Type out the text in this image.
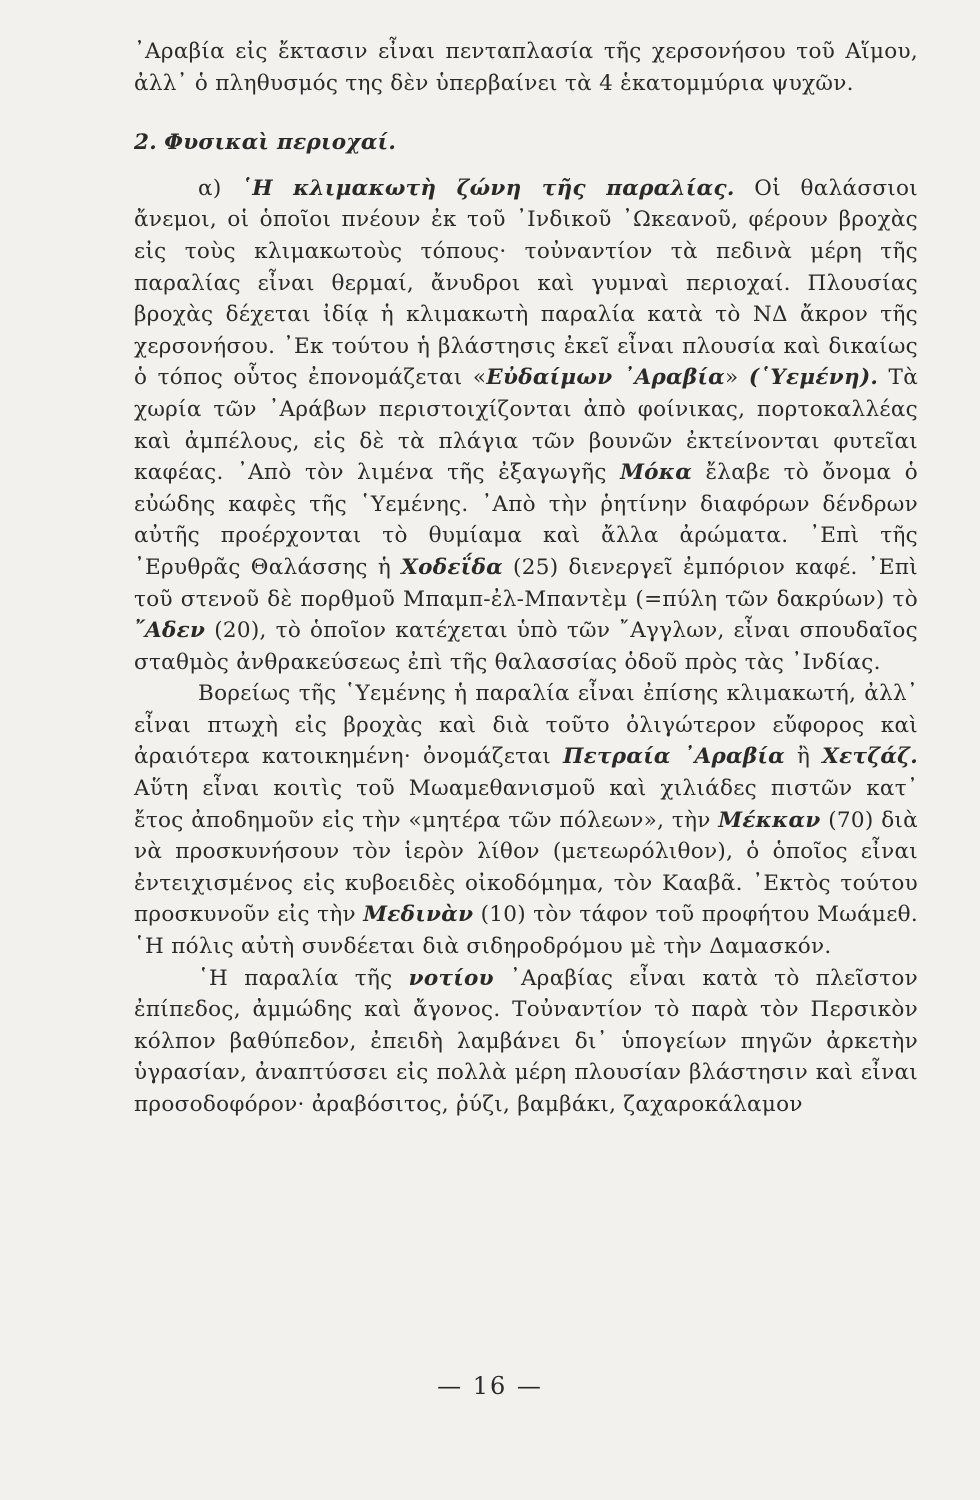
᾿Αραβία εἰς ἔκτασιν εἶναι πενταπλασία τῆς χερσονήσου τοῦ Αἵμου, ἀλλ᾿ ὁ πληθυσμός της δὲν ὑπερβαίνει τὰ 4 ἑκατομμύρια ψυχῶν.

2. Φυσικαὶ περιοχαί.

α) ῾Η κλιμακωτὴ ζώνη τῆς παραλίας. Οἱ θαλάσσιοι ἄνεμοι, οἱ ὁποῖοι πνέουν ἐκ τοῦ ᾿Ινδικοῦ ᾿Ωκεανοῦ, φέρουν βροχὰς εἰς τοὺς κλιμακωτοὺς τόπους· τοὐναντίον τὰ πεδινὰ μέρη τῆς παραλίας εἶναι θερμαί, ἄνυδροι καὶ γυμναὶ περιοχαί. Πλουσίας βροχὰς δέχεται ἰδίᾳ ἡ κλιμακωτὴ παραλία κατὰ τὸ ΝΔ ἄκρον τῆς χερσονήσου. ᾿Εκ τούτου ἡ βλάστησις ἐκεῖ εἶναι πλουσία καὶ δικαίως ὁ τόπος οὗτος ἐπονομάζεται «Εὐδαίμων ᾿Αραβία» (῾Υεμένη). Τὰ χωρία τῶν ᾿Αράβων περιστοιχίζονται ἀπὸ φοίνικας, πορτοκαλλέας καὶ ἀμπέλους, εἰς δὲ τὰ πλάγια τῶν βουνῶν ἐκτείνονται φυτεῖαι καφέας. ᾿Απὸ τὸν λιμένα τῆς ἐξαγωγῆς Μόκα ἔλαβε τὸ ὄνομα ὁ εὐώδης καφὲς τῆς ῾Υεμένης. ᾿Απὸ τὴν ῥητίνην διαφόρων δένδρων αὐτῆς προέρχονται τὸ θυμίαμα καὶ ἄλλα ἀρώματα. ᾿Επὶ τῆς ᾿Ερυθρᾶς Θαλάσσης ἡ Χοδεΐδα (25) διενεργεῖ ἐμπόριον καφέ. ᾿Επὶ τοῦ στενοῦ δὲ πορθμοῦ Μπαμπ-ἐλ-Μπαντὲμ (=πύλη τῶν δακρύων) τὸ ῎Αδεν (20), τὸ ὁποῖον κατέχεται ὑπὸ τῶν ῎Αγγλων, εἶναι σπουδαῖος σταθμὸς ἀνθρακεύσεως ἐπὶ τῆς θαλασσίας ὁδοῦ πρὸς τὰς ᾿Ινδίας.

Βορείως τῆς ῾Υεμένης ἡ παραλία εἶναι ἐπίσης κλιμακωτή, ἀλλ᾿ εἶναι πτωχὴ εἰς βροχὰς καὶ διὰ τοῦτο ὀλιγώτερον εὔφορος καὶ ἀραιότερα κατοικημένη· ὀνομάζεται Πετραία ᾿Αραβία ἢ Χετζάζ. Αὕτη εἶναι κοιτὶς τοῦ Μωαμεθανισμοῦ καὶ χιλιάδες πιστῶν κατ᾿ ἔτος ἀποδημοῦν εἰς τὴν «μητέρα τῶν πόλεων», τὴν Μέκκαν (70) διὰ νὰ προσκυνήσουν τὸν ἱερὸν λίθον (μετεωρόλιθον), ὁ ὁποῖος εἶναι ἐντειχισμένος εἰς κυβοειδὲς οἰκοδόμημα, τὸν Κααβᾶ. ᾿Εκτὸς τούτου προσκυνοῦν εἰς τὴν Μεδινὰν (10) τὸν τάφον τοῦ προφήτου Μωάμεθ. ῾Η πόλις αὐτὴ συνδέεται διὰ σιδηροδρόμου μὲ τὴν Δαμασκόν.

῾Η παραλία τῆς νοτίου ᾿Αραβίας εἶναι κατὰ τὸ πλεῖστον ἐπίπεδος, ἀμμώδης καὶ ἄγονος. Τοὐναντίον τὸ παρὰ τὸν Περσικὸν κόλπον βαθύπεδον, ἐπειδὴ λαμβάνει δι᾿ ὑπογείων πηγῶν ἀρκετὴν ὑγρασίαν, ἀναπτύσσει εἰς πολλὰ μέρη πλουσίαν βλάστησιν καὶ εἶναι προσοδοφόρον· ἀραβόσιτος, ῥύζι, βαμβάκι, ζαχαροκάλαμον

— 16 —
